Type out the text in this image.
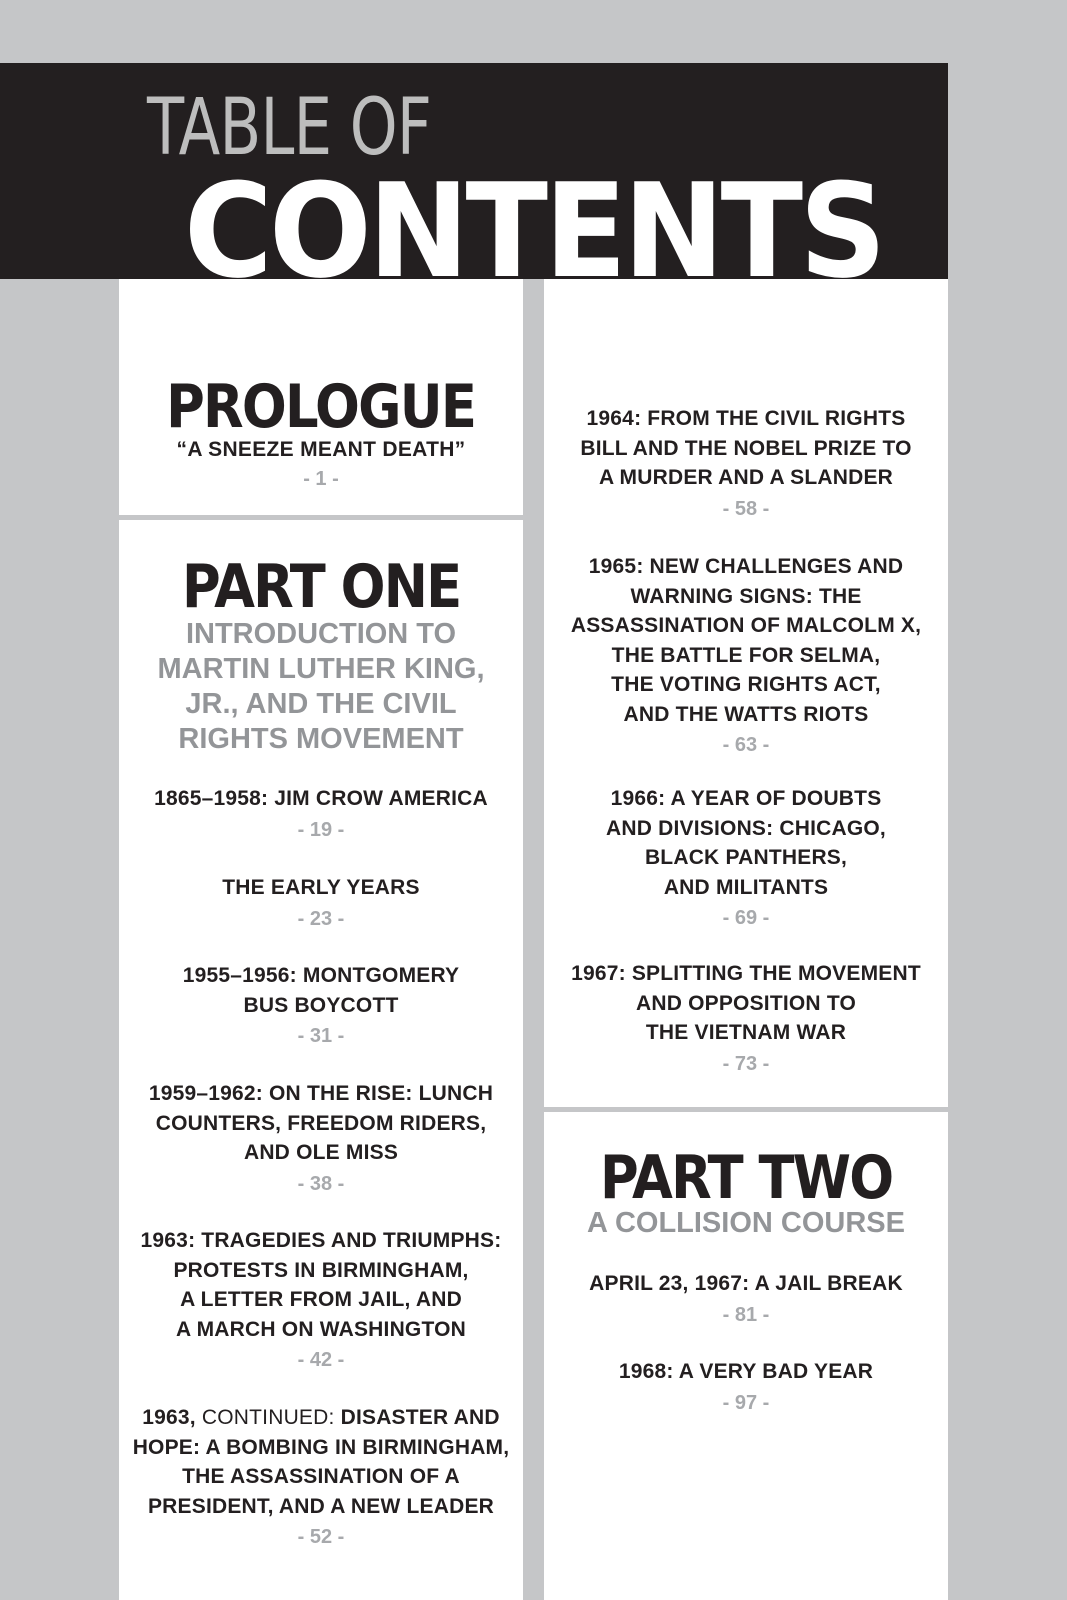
TABLE OF
CONTENTS
PROLOGUE
“A SNEEZE MEANT DEATH”
- 1 -
PART ONE
INTRODUCTION TO
MARTIN LUTHER KING,
JR., AND THE CIVIL
RIGHTS MOVEMENT
1865–1958: JIM CROW AMERICA
- 19 -
THE EARLY YEARS
- 23 -
1955–1956: MONTGOMERY
BUS BOYCOTT
- 31 -
1959–1962: ON THE RISE: LUNCH
COUNTERS, FREEDOM RIDERS,
AND OLE MISS
- 38 -
1963: TRAGEDIES AND TRIUMPHS:
PROTESTS IN BIRMINGHAM,
A LETTER FROM JAIL, AND
A MARCH ON WASHINGTON
- 42 -
1963, CONTINUED: DISASTER AND
HOPE: A BOMBING IN BIRMINGHAM,
THE ASSASSINATION OF A
PRESIDENT, AND A NEW LEADER
- 52 -
1964: FROM THE CIVIL RIGHTS
BILL AND THE NOBEL PRIZE TO
A MURDER AND A SLANDER
- 58 -
1965: NEW CHALLENGES AND
WARNING SIGNS: THE
ASSASSINATION OF MALCOLM X,
THE BATTLE FOR SELMA,
THE VOTING RIGHTS ACT,
AND THE WATTS RIOTS
- 63 -
1966: A YEAR OF DOUBTS
AND DIVISIONS: CHICAGO,
BLACK PANTHERS,
AND MILITANTS
- 69 -
1967: SPLITTING THE MOVEMENT
AND OPPOSITION TO
THE VIETNAM WAR
- 73 -
PART TWO
A COLLISION COURSE
APRIL 23, 1967: A JAIL BREAK
- 81 -
1968: A VERY BAD YEAR
- 97 -
